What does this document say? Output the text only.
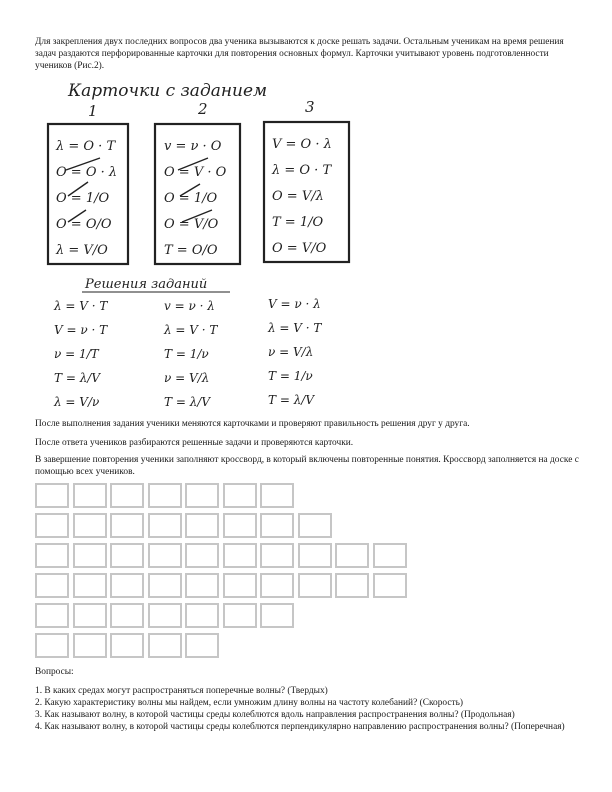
Для закрепления двух последних вопросов два ученика вызываются к доске решать задачи. Остальным ученикам на время решения задач раздаются перфорированные карточки для повторения основных формул. Карточки учитывают уровень подготовленности учеников (Рис.2).

Карточки с заданием
1	2	3
λ = O · T
O = O · λ
O = 1/O
O = O/O
λ = V/O
v = ν · O
O = V · O
O = 1/O
O = V/O
T = O/O
V = O · λ
λ = O · T
O = V/λ
T = 1/O
O = V/O
Решения заданий
λ = V · T
V = ν · T
ν = 1/T
T = λ/V
λ = V/ν
v = ν · λ
λ = V · T
T = 1/ν
ν = V/λ
T = λ/V
V = ν · λ
λ = V · T
ν = V/λ
T = 1/ν
T = λ/V

После выполнения задания ученики меняются карточками и проверяют правильность решения друг у друга.

После ответа учеников разбираются решенные задачи и проверяются карточки.

В завершение повторения ученики заполняют кроссворд, в который включены повторенные понятия. Кроссворд заполняется на доске с помощью всех учеников.

Вопросы:

1. В каких средах могут распространяться поперечные волны? (Твердых)

2. Какую характеристику волны мы найдем, если умножим длину волны на частоту колебаний? (Скорость)

3. Как называют волну, в которой частицы среды колеблются вдоль направления распространения волны? (Продольная)

4. Как называют волну, в которой частицы среды колеблются перпендикулярно направлению распространения волны? (Поперечная)
